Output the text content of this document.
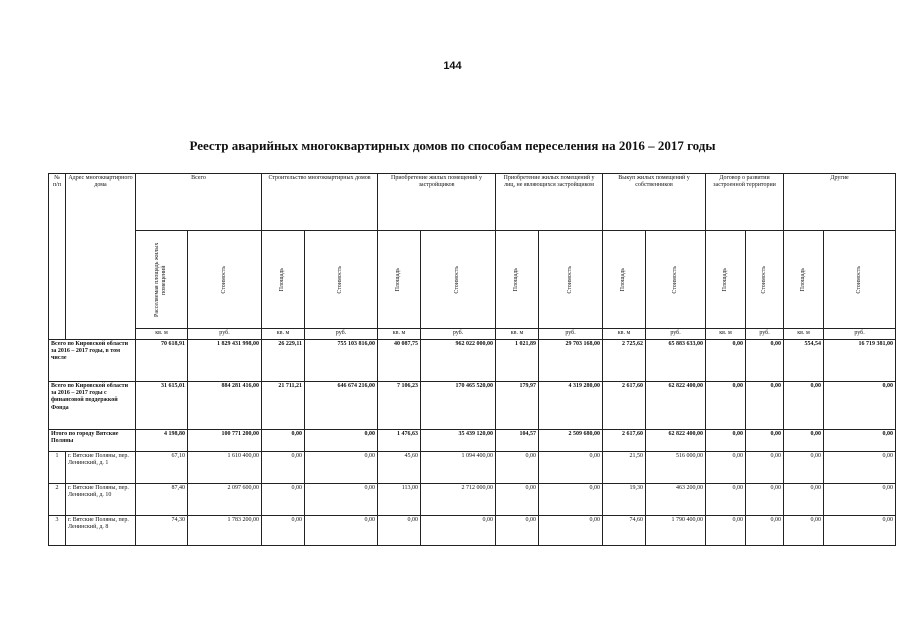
144
Реестр аварийных многоквартирных домов по способам переселения на 2016 – 2017 годы
№ п/п	Адрес многоквартирного дома	Всего		Строительство многоквартирных домов		Приобретение жилых помещений у застройщиков		Приобретение жилых помещений у лиц, не являющихся застройщиком		Выкуп жилых помещений у собственников		Договор о развитии застроенной территории		Другие	

		Расселяемая площадь жилых помещений	Стоимость	Площадь	Стоимость	Площадь	Стоимость	Площадь	Стоимость	Площадь	Стоимость	Площадь	Стоимость	Площадь	Стоимость

		кв. м	руб.	кв. м	руб.	кв. м	руб.	кв. м	руб.	кв. м	руб.	кв. м	руб.	кв. м	руб.
Всего по Кировской области за 2016 – 2017 годы, в том числе		70 618,91	1 829 431 998,00	26 229,11	755 103 816,00	40 087,75	962 022 000,00	1 021,89	29 703 168,00	2 725,62	65 883 633,00	0,00	0,00	554,54	16 719 381,00
Всего по Кировской области за 2016 – 2017 годы с финансовой поддержкой Фонда		31 615,01	884 281 416,00	21 711,21	646 674 216,00	7 106,23	170 465 520,00	179,97	4 319 280,00	2 617,60	62 822 400,00	0,00	0,00	0,00	0,00
Итого по городу Вятские Поляны		4 198,80	100 771 200,00	0,00	0,00	1 476,63	35 439 120,00	104,57	2 509 680,00	2 617,60	62 822 400,00	0,00	0,00	0,00	0,00
1	г. Вятские Поляны, пер. Ленинский, д. 1	67,10	1 610 400,00	0,00	0,00	45,60	1 094 400,00	0,00	0,00	21,50	516 000,00	0,00	0,00	0,00	0,00
2	г. Вятские Поляны, пер. Ленинский, д. 10	87,40	2 097 600,00	0,00	0,00	113,00	2 712 000,00	0,00	0,00	19,30	463 200,00	0,00	0,00	0,00	0,00
3	г. Вятские Поляны, пер. Ленинский, д. 8	74,30	1 783 200,00	0,00	0,00	0,00	0,00	0,00	0,00	74,60	1 790 400,00	0,00	0,00	0,00	0,00
